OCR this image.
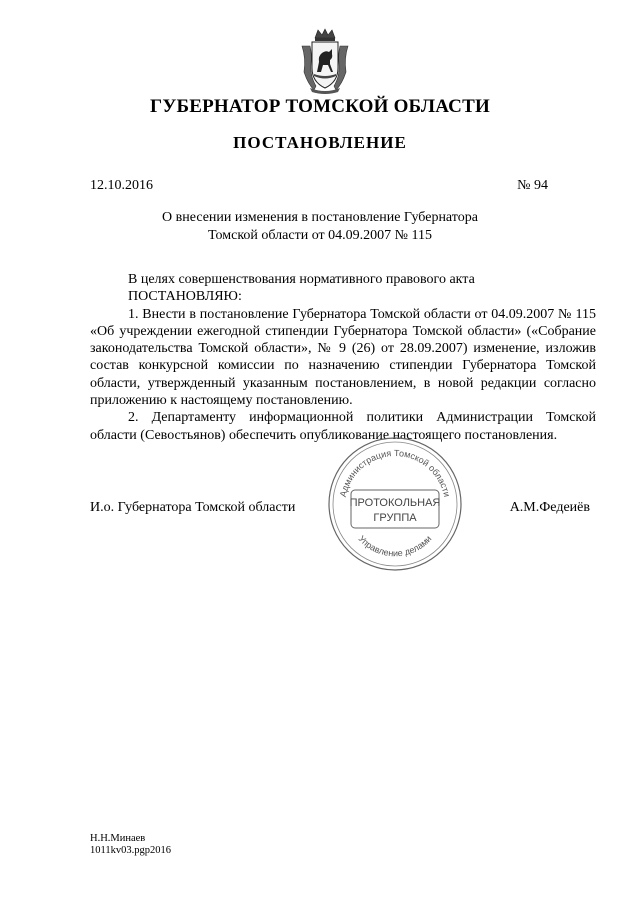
ГУБЕРНАТОР ТОМСКОЙ ОБЛАСТИ
ПОСТАНОВЛЕНИЕ
12.10.2016	№ 94
О внесении изменения в постановление Губернатора
Томской области от 04.09.2007 № 115

В целях совершенствования нормативного правового акта

ПОСТАНОВЛЯЮ:

1. Внести в постановление Губернатора Томской области от 04.09.2007 № 115 «Об учреждении ежегодной стипендии Губернатора Томской области» («Собрание законодательства Томской области», № 9 (26) от 28.09.2007) изменение, изложив состав конкурсной комиссии по назначению стипендии Губернатора Томской области, утвержденный указанным постановлением, в новой редакции согласно приложению к настоящему постановлению.

2. Департаменту информационной политики Администрации Томской области (Севостьянов) обеспечить опубликование настоящего постановления.

Администрация Томской области
Управление делами
ПРОТОКОЛЬНАЯ
ГРУППА
И.о. Губернатора Томской области	А.М.Федеиёв
Н.Н.Минаев
1011kv03.pgp2016
